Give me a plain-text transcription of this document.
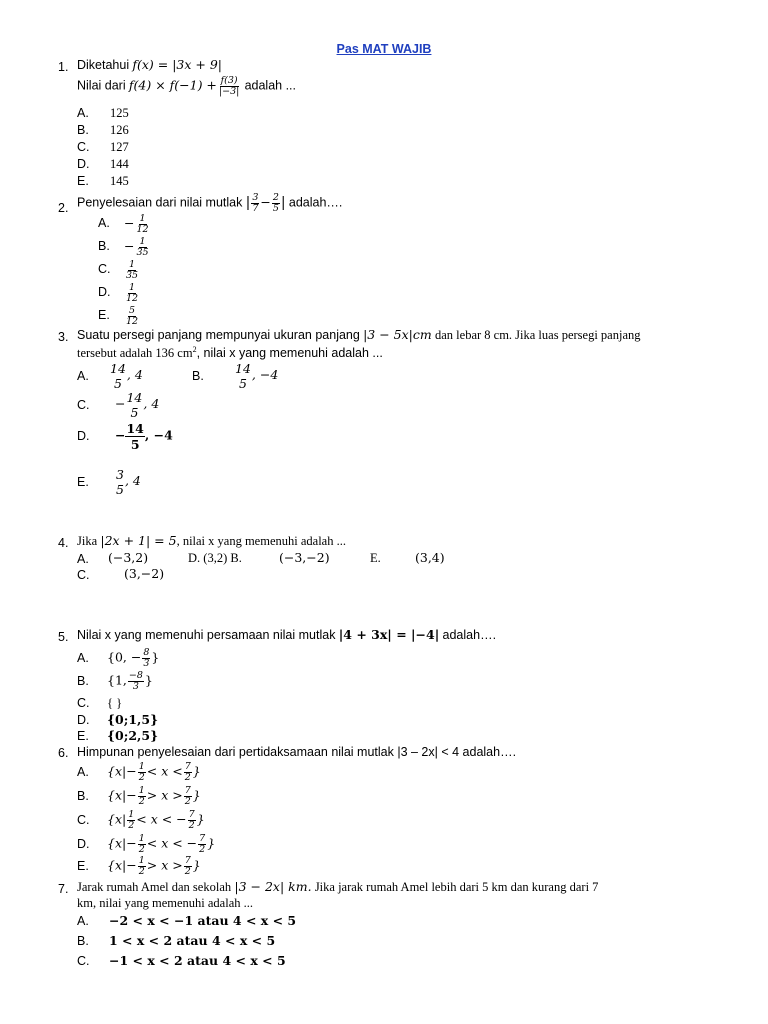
Pas MAT WAJIB
1. Diketahui f(x) = |3x + 9|
Nilai dari $f(4) \times f(-1) + \frac{f(3)}{|-3|}$ adalah ...
A. 125
B. 126
C. 127
D. 144
E. 145
2. Penyelesaian dari nilai mutlak | $\frac{3}{7} - \frac{2}{5}$ | adalah….
A. − $\frac{1}{12}$
B. − $\frac{1}{35}$
C. $\frac{1}{35}$
D. $\frac{1}{12}$
E. $\frac{5}{12}$
3. Suatu persegi panjang mempunyai ukuran panjang |3 − 5x|cm dan lebar 8 cm. Jika luas persegi panjang
tersebut adalah 136 $cm^2$, nilai x yang memenuhi adalah ...
A. 14
5
, 4	B. 14
5
, −4
C. − 14
5
, 4
D. − $\frac{14}{5}$ , −4
E. 3
5
, 4
4. Jika |2x + 1| = 5, nilai x yang memenuhi adalah ...
A. (−3,2)	D. (3,2) B.	(−3,−2)	E.	(3,4)
C.	(3,−2)
5. Nilai x yang memenuhi persamaan nilai mutlak |4 + 3x| = |−4| adalah….
A. {0, − $\frac{8}{3}$ }
B. {1, $\frac{-8}{3}$ }
C. { }
D. {0;1,5}
E. {0;2,5}
6. Himpunan penyelesaian dari pertidaksamaan nilai mutlak |3 – 2x| < 4 adalah….
A. {$x|- \frac{1}{2} < x < \frac{7}{2}$ }
B. {$x|- \frac{1}{2} > x > \frac{7}{2}$ }
C. {$x| \frac{1}{2} < x$ < − $\frac{7}{2}$ }
D. {$x|- \frac{1}{2} < x$ < − $\frac{7}{2}$ }
E. {$x|- \frac{1}{2} > x > \frac{7}{2}$ }
7. Jarak rumah Amel dan sekolah |3 − 2x| km. Jika jarak rumah Amel lebih dari 5 km dan kurang dari 7
km, nilai yang memenuhi adalah ...
A. −2 < x < −1 atau 4 < x < 5
B. 1 < x < 2 atau 4 < x < 5
C. −1 < x < 2 atau 4 < x < 5
